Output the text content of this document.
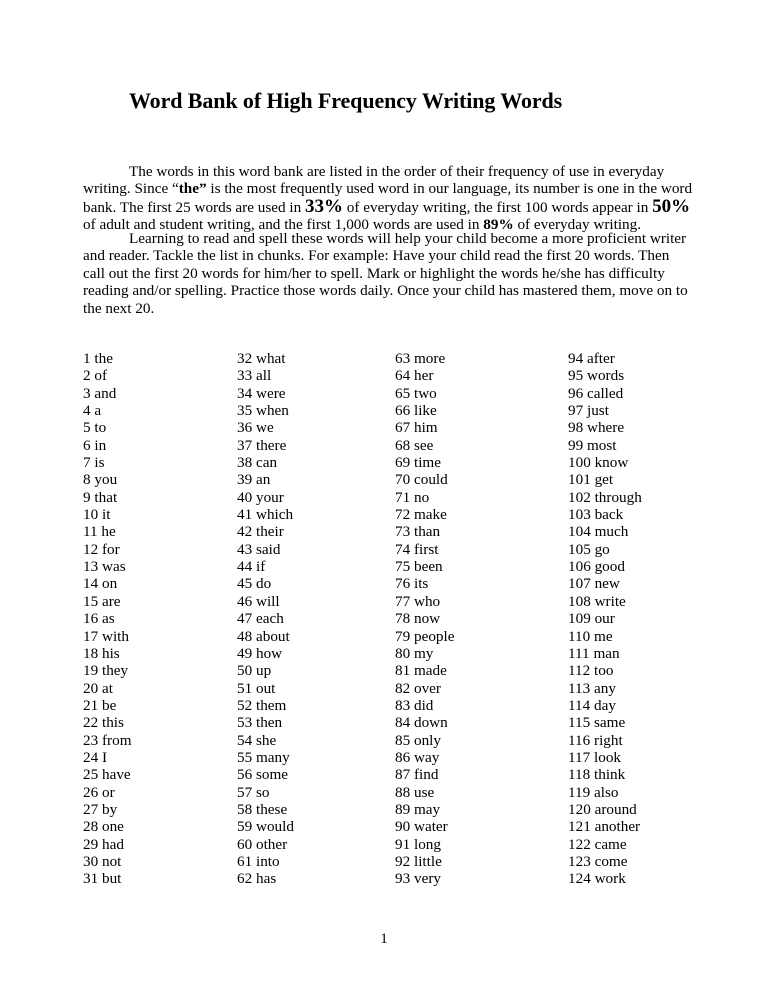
Word Bank of High Frequency Writing Words
The words in this word bank are listed in the order of their frequency of use in everyday writing. Since “the” is the most frequently used word in our language, its number is one in the word bank. The first 25 words are used in 33% of everyday writing, the first 100 words appear in 50% of adult and student writing, and the first 1,000 words are used in 89% of everyday writing.
Learning to read and spell these words will help your child become a more proficient writer and reader. Tackle the list in chunks. For example: Have your child read the first 20 words. Then call out the first 20 words for him/her to spell. Mark or highlight the words he/she has difficulty reading and/or spelling. Practice those words daily. Once your child has mastered them, move on to the next 20.
1 the
2 of
3 and
4 a
5 to
6 in
7 is
8 you
9 that
10 it
11 he
12 for
13 was
14 on
15 are
16 as
17 with
18 his
19 they
20 at
21 be
22 this
23 from
24 I
25 have
26 or
27 by
28 one
29 had
30 not
31 but
32 what
33 all
34 were
35 when
36 we
37 there
38 can
39 an
40 your
41 which
42 their
43 said
44 if
45 do
46 will
47 each
48 about
49 how
50 up
51 out
52 them
53 then
54 she
55 many
56 some
57 so
58 these
59 would
60 other
61 into
62 has
63 more
64 her
65 two
66 like
67 him
68 see
69 time
70 could
71 no
72 make
73 than
74 first
75 been
76 its
77 who
78 now
79 people
80 my
81 made
82 over
83 did
84 down
85 only
86 way
87 find
88 use
89 may
90 water
91 long
92 little
93 very
94 after
95 words
96 called
97 just
98 where
99 most
100 know
101 get
102 through
103 back
104 much
105 go
106 good
107 new
108 write
109 our
110 me
111 man
112 too
113 any
114 day
115 same
116 right
117 look
118 think
119 also
120 around
121 another
122 came
123 come
124 work
1
